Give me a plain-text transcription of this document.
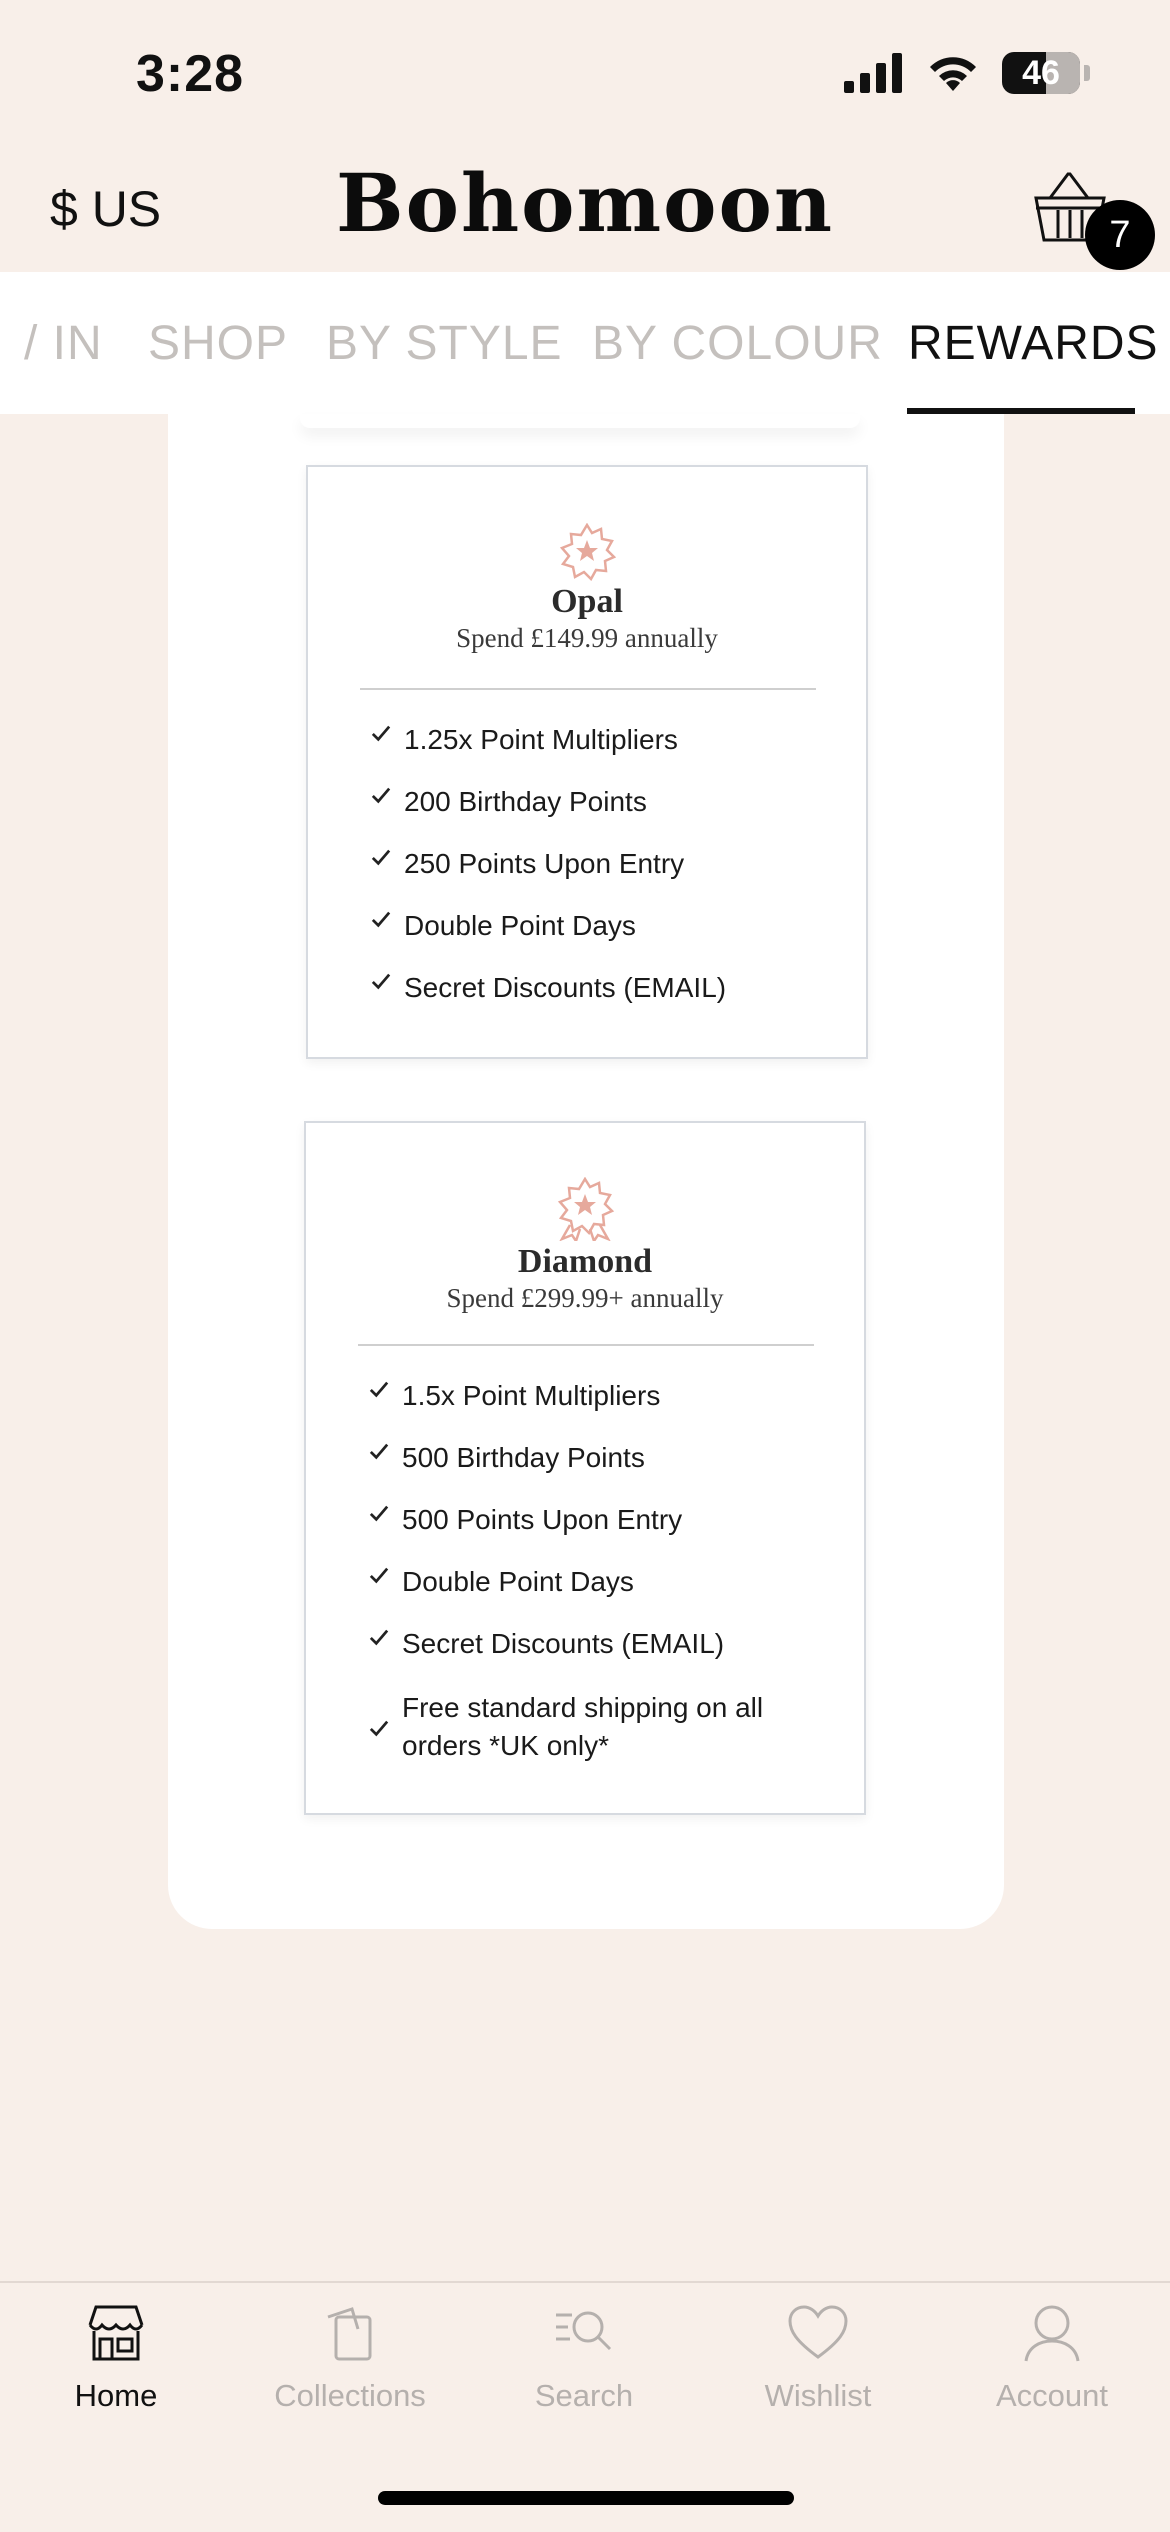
3:28	46
$ US	Bohomoon	7
/ IN SHOP BY STYLE BY COLOUR REWARDS
Opal
Spend £149.99 annually
1.25x Point Multipliers
200 Birthday Points
250 Points Upon Entry
Double Point Days
Secret Discounts (EMAIL)
Diamond
Spend £299.99+ annually
1.5x Point Multipliers
500 Birthday Points
500 Points Upon Entry
Double Point Days
Secret Discounts (EMAIL)
Free standard shipping on all orders *UK only*
Home	Collections	Search	Wishlist	Account
